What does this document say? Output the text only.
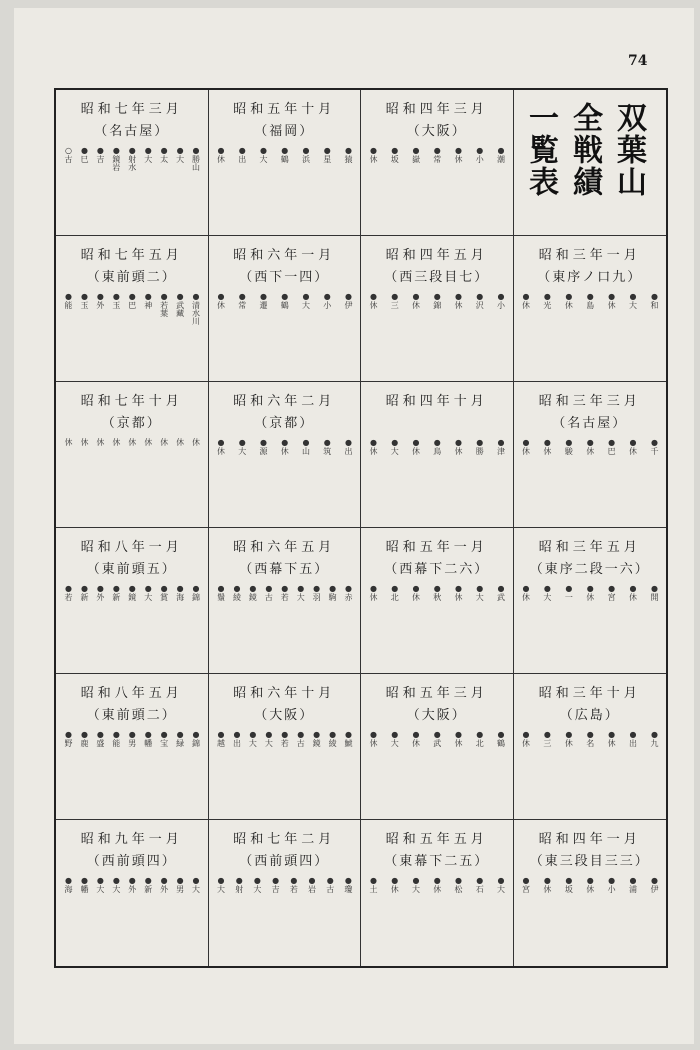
74
昭和七年三月
（名古屋）
●勝山
●大
●太
●大
●射水
●鏡岩
●吉
●巳
○古
昭和五年十月
（福岡）
●猿
●星
●浜
●鶴
●大
●出
●休
昭和四年三月
（大阪）
●潮
●小
●休
●常
●嶽
●坂
●休	双葉山
全戦績
一覧表
昭和七年五月
（東前頭二）
●清水川
●武藏
●若葉
●神
●巴
●玉
●外
●玉
●能
昭和六年一月
（西下一四）
●伊
●小
●大
●鶴
●遷
●常
●休
昭和四年五月
（西三段目七）
●小
●沢
●休
●錦
●休
●三
●休
昭和三年一月
（東序ノ口九）
●和
●大
●休
●島
●休
●光
●休
昭和七年十月
（京都）
休
休
休
休
休
休
休
休
休
昭和六年二月
（京都）
●出
●筑
●山
●休
●源
●大
●休
昭和四年十月
●津
●勝
●休
●鳥
●休
●大
●休
昭和三年三月
（名古屋）
●千
●休
●巴
●休
●駿
●休
●休
昭和八年一月
（東前頭五）
●錦
●海
●賞
●大
●鏡
●新
●外
●新
●若
昭和六年五月
（西幕下五）
●赤
●駒
●羽
●大
●若
●古
●鏡
●綾
●鬚
昭和五年一月
（西幕下二六）
●武
●大
●休
●秋
●休
●北
●休
昭和三年五月
（東序二段一六）
●開
●休
●宮
●休
●一
●大
●休
昭和八年五月
（東前頭二）
●錦
●緑
●宝
●幡
●男
●能
●盛
●鹿
●野
昭和六年十月
（大阪）
●鯱
●綾
●鏡
●古
●若
●大
●大
●出
●越
昭和五年三月
（大阪）
●鶴
●北
●休
●武
●休
●大
●休
昭和三年十月
（広島）
●九
●出
●休
●名
●休
●三
●休
昭和九年一月
（西前頭四）
●大
●男
●外
●新
●外
●大
●大
●幡
●海
昭和七年二月
（西前頭四）
●瓊
●古
●岩
●若
●吉
●大
●射
●大
昭和五年五月
（東幕下二五）
●大
●石
●松
●休
●大
●休
●土
昭和四年一月
（東三段目三三）
●伊
●浦
●小
●休
●坂
●休
●宮
